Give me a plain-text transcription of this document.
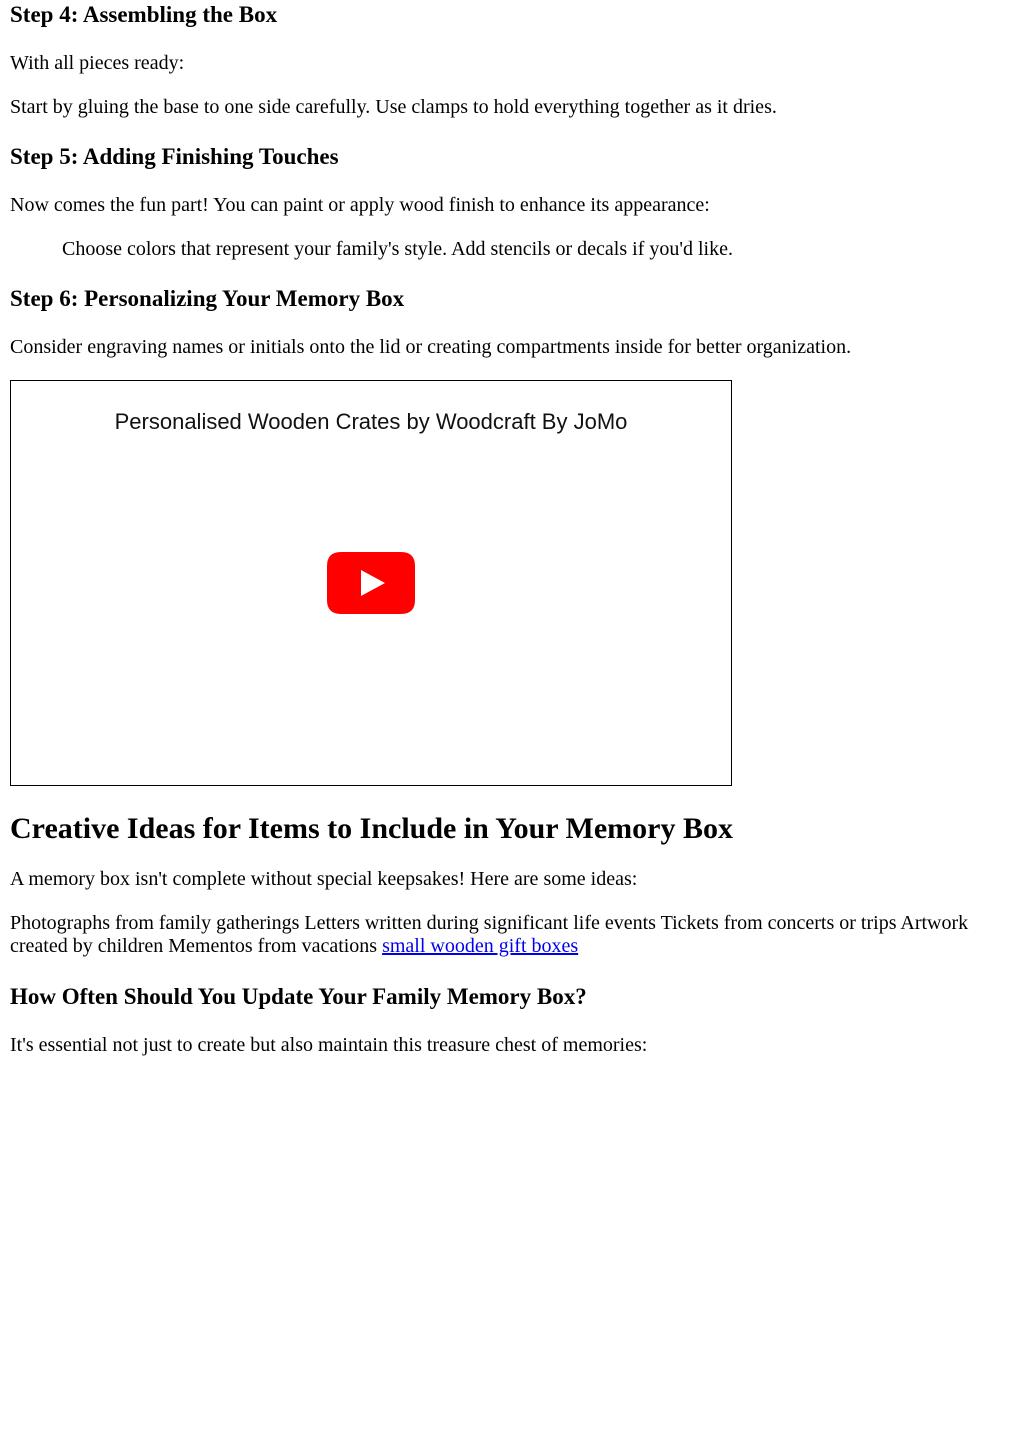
Step 4: Assembling the Box

With all pieces ready:

Start by gluing the base to one side carefully. Use clamps to hold everything together as it dries.

Step 5: Adding Finishing Touches

Now comes the fun part! You can paint or apply wood finish to enhance its appearance:

Choose colors that represent your family's style. Add stencils or decals if you'd like.
Step 6: Personalizing Your Memory Box

Consider engraving names or initials onto the lid or creating compartments inside for better organization.

Personalised Wooden Crates by Woodcraft By JoMo
Creative Ideas for Items to Include in Your Memory Box

A memory box isn't complete without special keepsakes! Here are some ideas:

Photographs from family gatherings Letters written during significant life events Tickets from concerts or trips Artwork created by children Mementos from vacations small wooden gift boxes

How Often Should You Update Your Family Memory Box?

It's essential not just to create but also maintain this treasure chest of memories:
